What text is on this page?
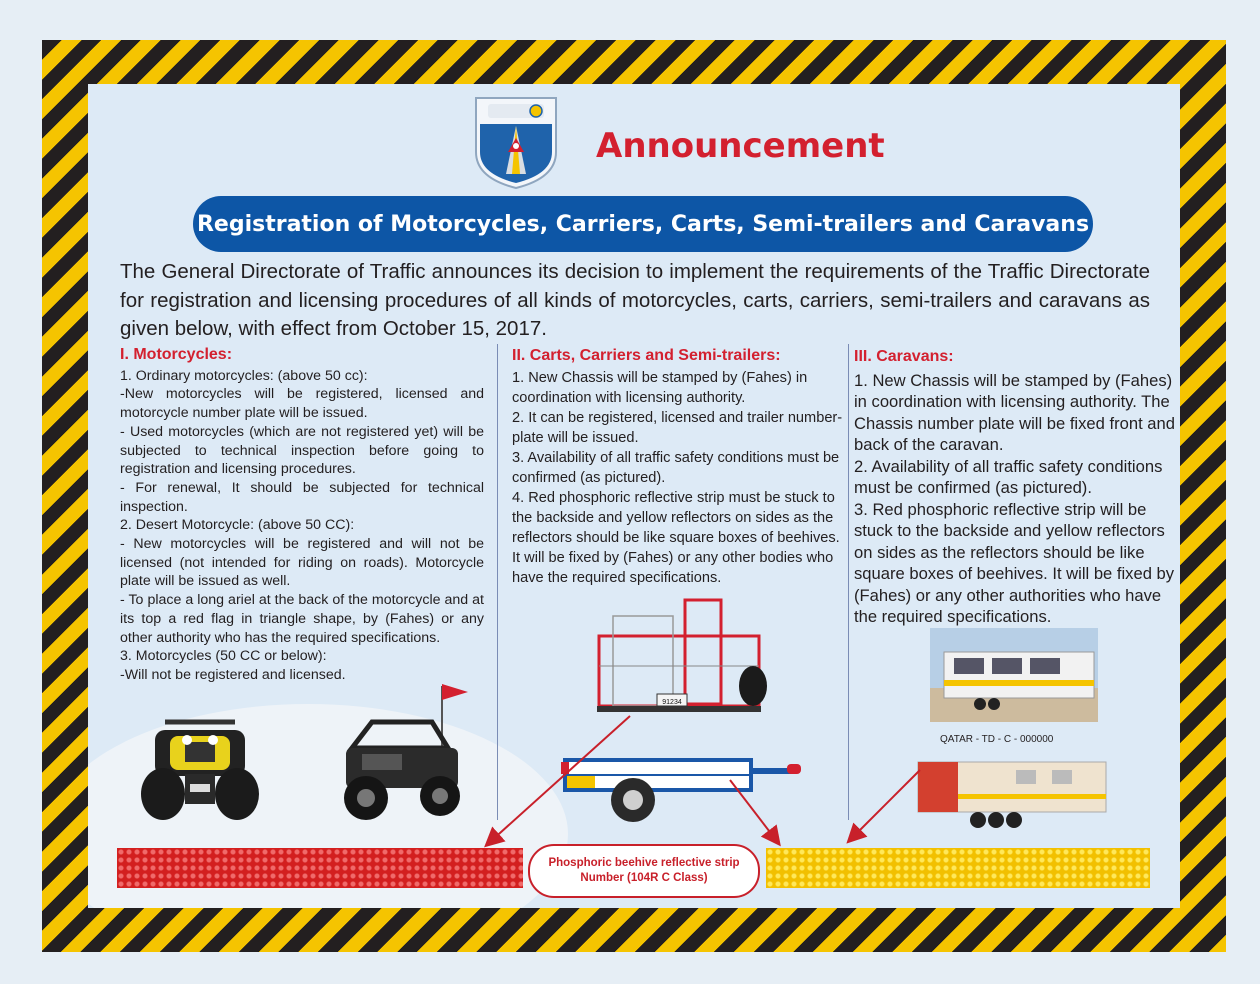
Announcement
Registration of Motorcycles, Carriers, Carts, Semi-trailers and Caravans
The General Directorate of Traffic announces its decision to implement the requirements of the Traffic Directorate for registration and licensing procedures of all kinds of motorcycles, carts, carriers, semi-trailers and caravans as given below, with effect from October 15, 2017.
I. Motorcycles:

1. Ordinary motorcycles: (above 50 cc):

-New motorcycles will be registered, licensed and motorcycle number plate will be issued.

- Used motorcycles (which are not registered yet) will be subjected to technical inspection before going to registration and licensing procedures.

- For renewal, It should be subjected for technical inspection.

2. Desert Motorcycle: (above 50 CC):

- New motorcycles will be registered and will not be licensed (not intended for riding on roads). Motorcycle plate will be issued as well.

- To place a long ariel at the back of the motorcycle and at its top a red flag in triangle shape, by (Fahes) or any other authority who has the required specifications.

3. Motorcycles (50 CC or below):

-Will not be registered and licensed.

II. Carts, Carriers and Semi-trailers:

1. New Chassis will be stamped by (Fahes) in coordination with licensing authority.

2. It can be registered, licensed and trailer number-plate will be issued.

3. Availability of all traffic safety conditions must be confirmed (as pictured).

4. Red phosphoric reflective strip must be stuck to the backside and yellow reflectors on sides as the reflectors should be like square boxes of beehives. It will be fixed by (Fahes) or any other bodies who have the required specifications.

III. Caravans:

1. New Chassis will be stamped by (Fahes) in coordination with licensing authority. The Chassis number plate will be fixed front and back of the caravan.

2. Availability of all traffic safety conditions must be confirmed (as pictured).

3. Red phosphoric reflective strip will be stuck to the backside and yellow reflectors on sides as the reflectors should be like square boxes of beehives. It will be fixed by (Fahes) or any other authorities who have the required specifications.

91234
QATAR - TD - C - 000000
Phosphoric beehive reflective strip
Number (104R C Class)
